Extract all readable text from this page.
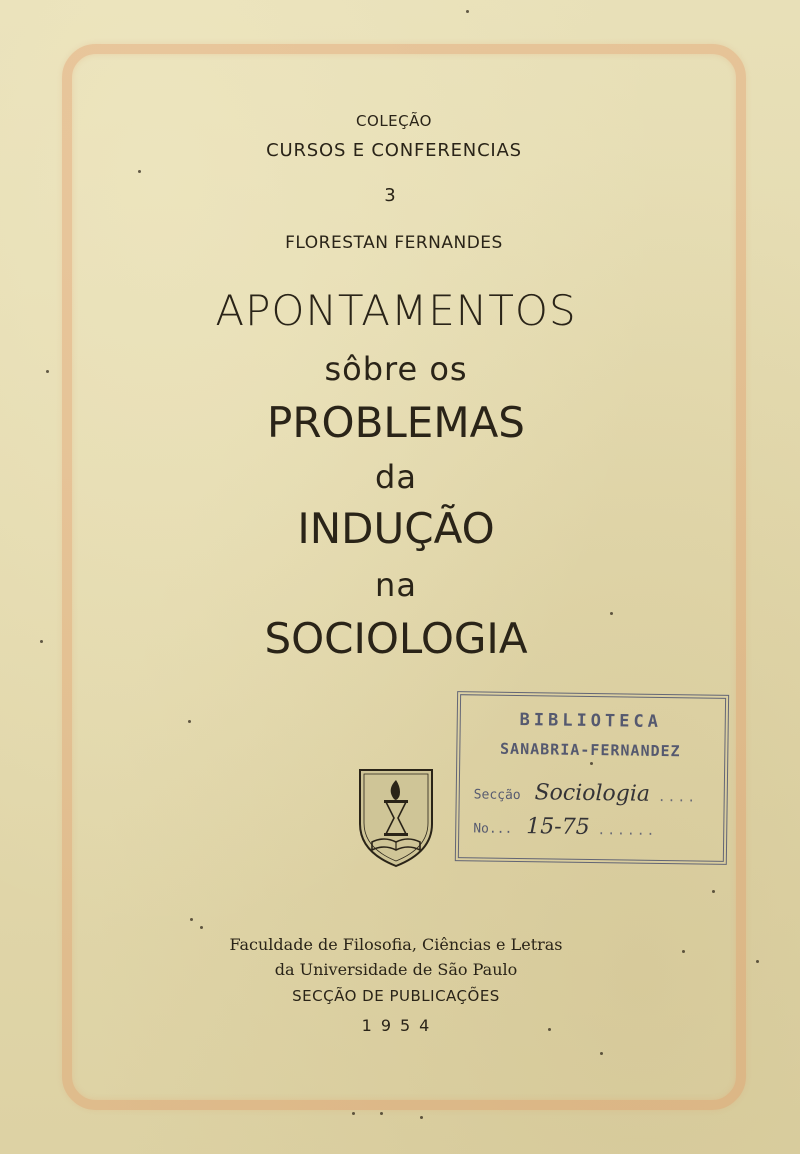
COLEÇÃO
CURSOS E CONFERENCIAS
3
FLORESTAN FERNANDES
APONTAMENTOS
sôbre os
PROBLEMAS
da
INDUÇÃO
na
SOCIOLOGIA
BIBLIOTECA
SANABRIA-FERNANDEZ
Secção Sociologia ....
No... 15-75 ......
Faculdade de Filosofia, Ciências e Letras
da Universidade de São Paulo
SECÇÃO DE PUBLICAÇÕES
1954
